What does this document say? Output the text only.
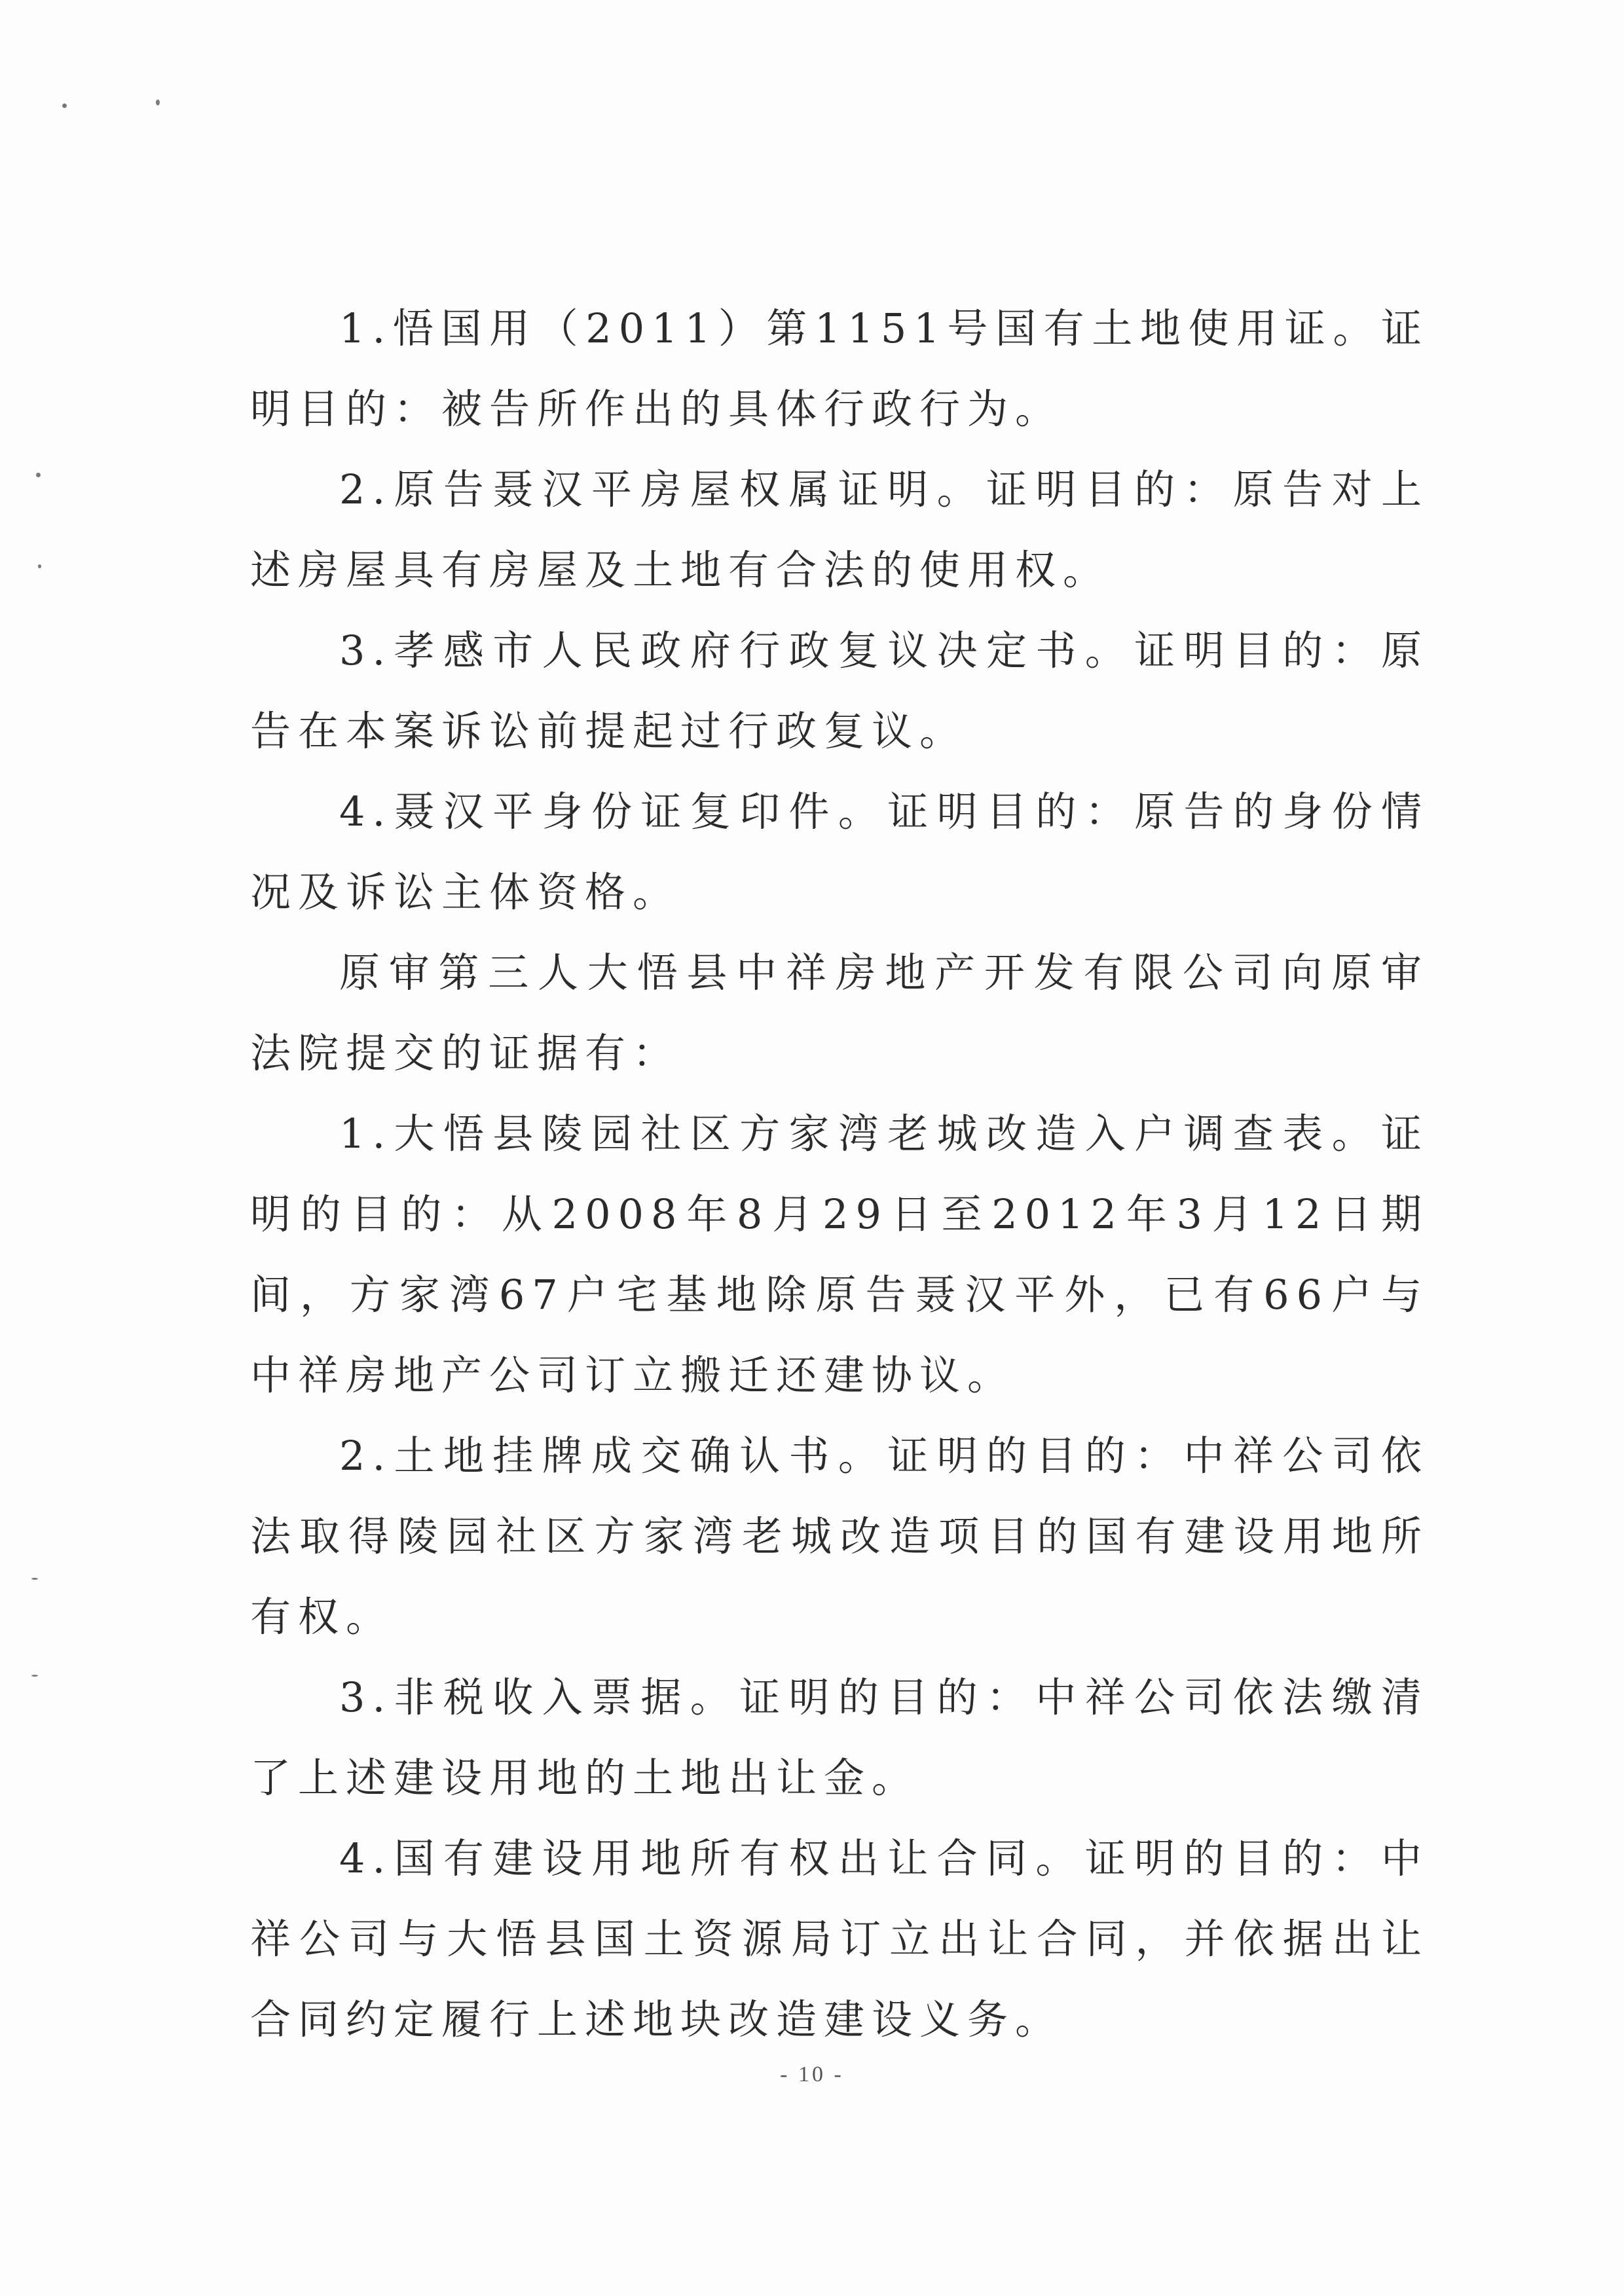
1.悟国用（2011）第1151号国有土地使用证。证明目的：被告所作出的具体行政行为。

2.原告聂汉平房屋权属证明。证明目的：原告对上述房屋具有房屋及土地有合法的使用权。

3.孝感市人民政府行政复议决定书。证明目的：原告在本案诉讼前提起过行政复议。

4.聂汉平身份证复印件。证明目的：原告的身份情况及诉讼主体资格。

原审第三人大悟县中祥房地产开发有限公司向原审法院提交的证据有：

1.大悟县陵园社区方家湾老城改造入户调查表。证明的目的：从2008年8月29日至2012年3月12日期间，方家湾67户宅基地除原告聂汉平外，已有66户与中祥房地产公司订立搬迁还建协议。

2.土地挂牌成交确认书。证明的目的：中祥公司依法取得陵园社区方家湾老城改造项目的国有建设用地所有权。

3.非税收入票据。证明的目的：中祥公司依法缴清了上述建设用地的土地出让金。

4.国有建设用地所有权出让合同。证明的目的：中祥公司与大悟县国土资源局订立出让合同，并依据出让合同约定履行上述地块改造建设义务。

- 10 -
